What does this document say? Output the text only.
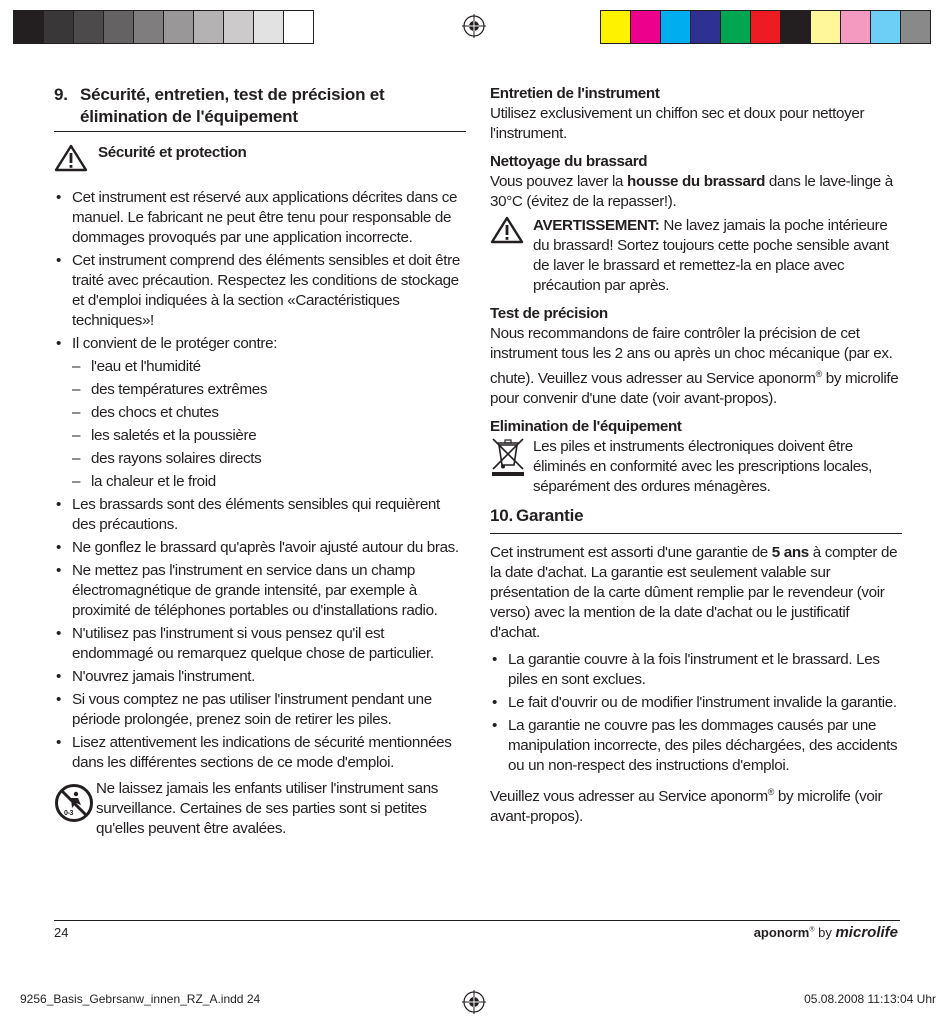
9. Sécurité, entretien, test de précision et élimination de l'équipement
Sécurité et protection
• Cet instrument est réservé aux applications décrites dans ce manuel. Le fabricant ne peut être tenu pour responsable de dommages provoqués par une application incorrecte.
• Cet instrument comprend des éléments sensibles et doit être traité avec précaution. Respectez les conditions de stockage et d'emploi indiquées à la section «Caractéristiques techniques»!
• Il convient de le protéger contre:
– l'eau et l'humidité
– des températures extrêmes
– des chocs et chutes
– les saletés et la poussière
– des rayons solaires directs
– la chaleur et le froid
• Les brassards sont des éléments sensibles qui requièrent des précautions.
• Ne gonflez le brassard qu'après l'avoir ajusté autour du bras.
• Ne mettez pas l'instrument en service dans un champ électromagnétique de grande intensité, par exemple à proximité de téléphones portables ou d'installations radio.
• N'utilisez pas l'instrument si vous pensez qu'il est endommagé ou remarquez quelque chose de particulier.
• N'ouvrez jamais l'instrument.
• Si vous comptez ne pas utiliser l'instrument pendant une période prolongée, prenez soin de retirer les piles.
• Lisez attentivement les indications de sécurité mentionnées dans les différentes sections de ce mode d'emploi.
0-3

Ne laissez jamais les enfants utiliser l'instrument sans surveillance. Certaines de ses parties sont si petites qu'elles peuvent être avalées.

Entretien de l'instrument

Utilisez exclusivement un chiffon sec et doux pour nettoyer l'instrument.

Nettoyage du brassard

Vous pouvez laver la housse du brassard dans le lave-linge à 30°C (évitez de la repasser!).

AVERTISSEMENT: Ne lavez jamais la poche intérieure du brassard! Sortez toujours cette poche sensible avant de laver le brassard et remettez-la en place avec précaution par après.

Test de précision

Nous recommandons de faire contrôler la précision de cet instrument tous les 2 ans ou après un choc mécanique (par ex. chute). Veuillez vous adresser au Service aponorm® by microlife pour convenir d'une date (voir avant-propos).

Elimination de l'équipement

Les piles et instruments électroniques doivent être éliminés en conformité avec les prescriptions locales, séparément des ordures ménagères.

10. Garantie

Cet instrument est assorti d'une garantie de 5 ans à compter de la date d'achat. La garantie est seulement valable sur présentation de la carte dûment remplie par le revendeur (voir verso) avec la mention de la date d'achat ou le justificatif d'achat.

• La garantie couvre à la fois l'instrument et le brassard. Les piles en sont exclues.
• Le fait d'ouvrir ou de modifier l'instrument invalide la garantie.
• La garantie ne couvre pas les dommages causés par une manipulation incorrecte, des piles déchargées, des accidents ou un non-respect des instructions d'emploi.

Veuillez vous adresser au Service aponorm® by microlife (voir avant-propos).

24	aponorm® by microlife
9256_Basis_Gebrsanw_innen_RZ_A.indd 24	05.08.2008 11:13:04 Uhr
